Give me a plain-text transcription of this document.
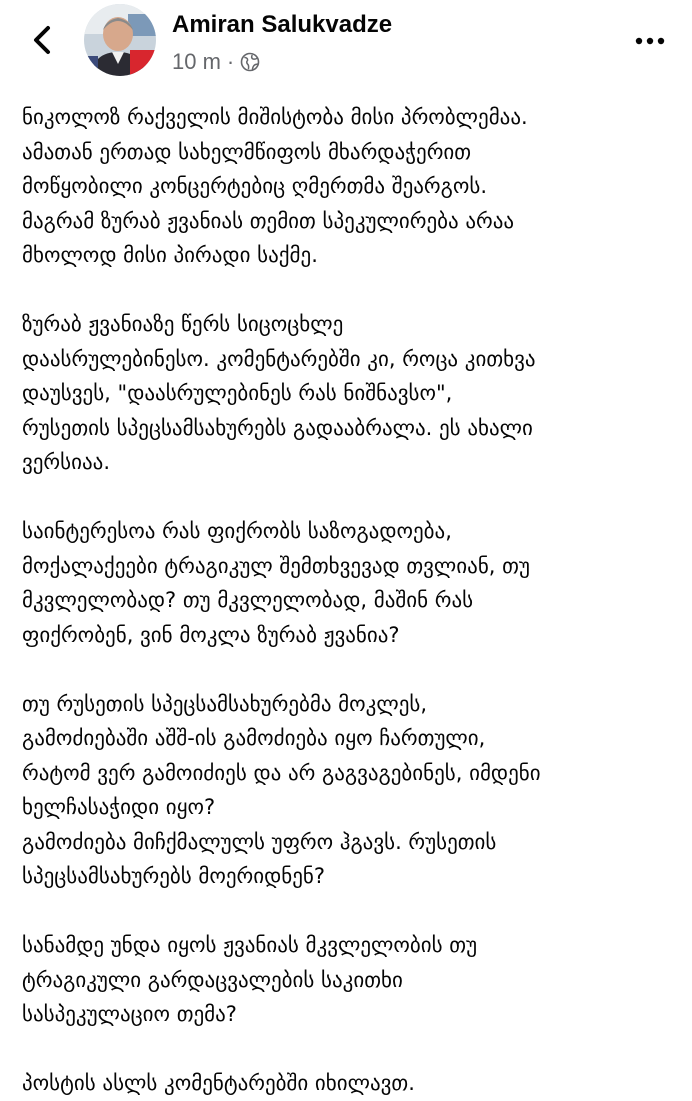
Amiran Salukvadze
10 m ·

ნიკოლოზ რაქველის მიშისტობა მისი პრობლემაა.
ამათან ერთად სახელმწიფოს მხარდაჭერით
მოწყობილი კონცერტებიც ღმერთმა შეარგოს.
მაგრამ ზურაბ ჟვანიას თემით სპეკულირება არაა
მხოლოდ მისი პირადი საქმე.

ზურაბ ჟვანიაზე წერს სიცოცხლე
დაასრულებინესო. კომენტარებში კი, როცა კითხვა
დაუსვეს, "დაასრულებინეს რას ნიშნავსო",
რუსეთის სპეცსამსახურებს გადააბრალა. ეს ახალი
ვერსიაა.

საინტერესოა რას ფიქრობს საზოგადოება,
მოქალაქეები ტრაგიკულ შემთხვევად თვლიან, თუ
მკვლელობად? თუ მკვლელობად, მაშინ რას
ფიქრობენ, ვინ მოკლა ზურაბ ჟვანია?

თუ რუსეთის სპეცსამსახურებმა მოკლეს,
გამოძიებაში აშშ-ის გამოძიება იყო ჩართული,
რატომ ვერ გამოიძიეს და არ გაგვაგებინეს, იმდენი
ხელჩასაჭიდი იყო?
გამოძიება მიჩქმალულს უფრო ჰგავს. რუსეთის
სპეცსამსახურებს მოერიდნენ?

სანამდე უნდა იყოს ჟვანიას მკვლელობის თუ
ტრაგიკული გარდაცვალების საკითხი
სასპეკულაციო თემა?

პოსტის ასლს კომენტარებში იხილავთ.
